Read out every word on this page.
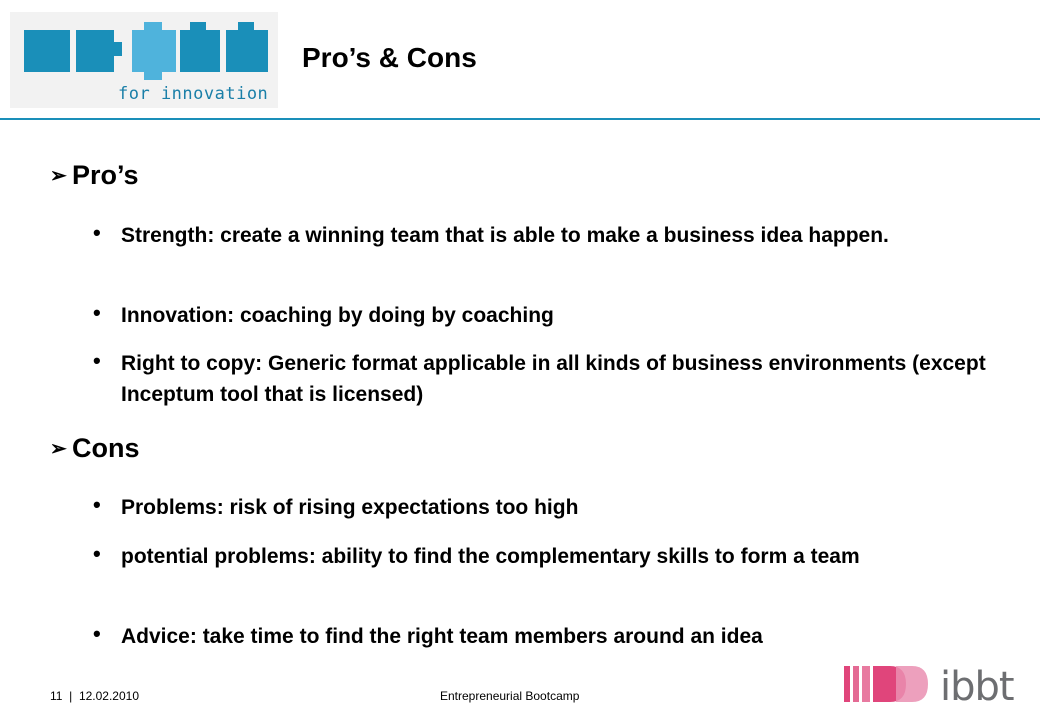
for innovation
Pro’s & Cons
➢ Pro’s
• Strength: create a winning team that is able to make a business idea happen.
• Innovation: coaching by doing by coaching
• Right to copy: Generic format applicable in all kinds of business environments (except Inceptum tool that is licensed)
➢ Cons
• Problems: risk of rising expectations too high
• potential problems: ability to find the complementary skills to form a team
• Advice: take time to find the right team members around an idea
11 | 12.02.2010	Entrepreneurial Bootcamp	ibbt
